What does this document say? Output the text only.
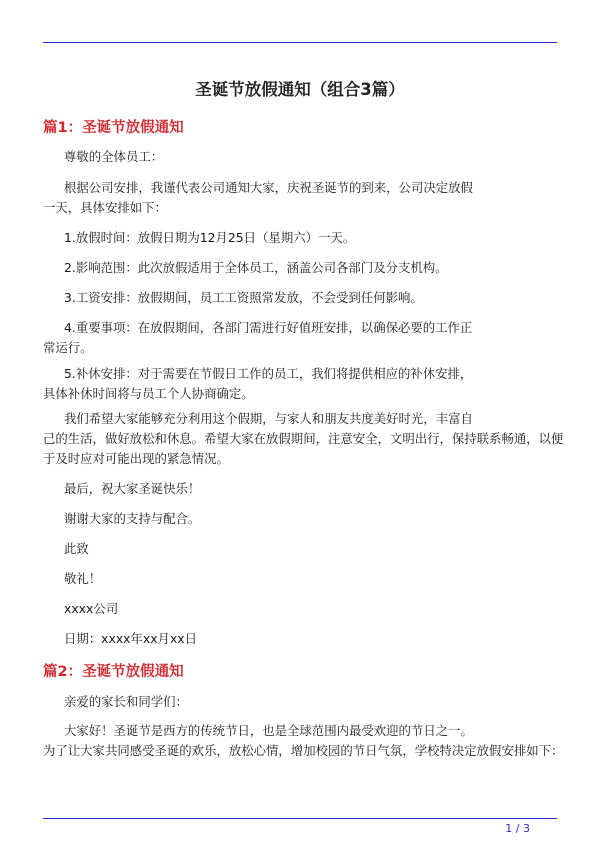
圣诞节放假通知（组合3篇）
篇1：圣诞节放假通知
尊敬的全体员工：
根据公司安排，我谨代表公司通知大家，庆祝圣诞节的到来，公司决定放假
一天，具体安排如下：
1.放假时间：放假日期为12月25日（星期六）一天。
2.影响范围：此次放假适用于全体员工，涵盖公司各部门及分支机构。
3.工资安排：放假期间，员工工资照常发放，不会受到任何影响。
4.重要事项：在放假期间，各部门需进行好值班安排，以确保必要的工作正
常运行。
5.补休安排：对于需要在节假日工作的员工，我们将提供相应的补休安排，
具体补休时间将与员工个人协商确定。
我们希望大家能够充分利用这个假期，与家人和朋友共度美好时光，丰富自
己的生活，做好放松和休息。希望大家在放假期间，注意安全，文明出行，保持联系畅通，以便
于及时应对可能出现的紧急情况。
最后，祝大家圣诞快乐！
谢谢大家的支持与配合。
此致
敬礼！
xxxx公司
日期：xxxx年xx月xx日
篇2：圣诞节放假通知
亲爱的家长和同学们：
大家好！圣诞节是西方的传统节日，也是全球范围内最受欢迎的节日之一。
为了让大家共同感受圣诞的欢乐，放松心情，增加校园的节日气氛，学校特决定放假安排如下：
1 / 3
